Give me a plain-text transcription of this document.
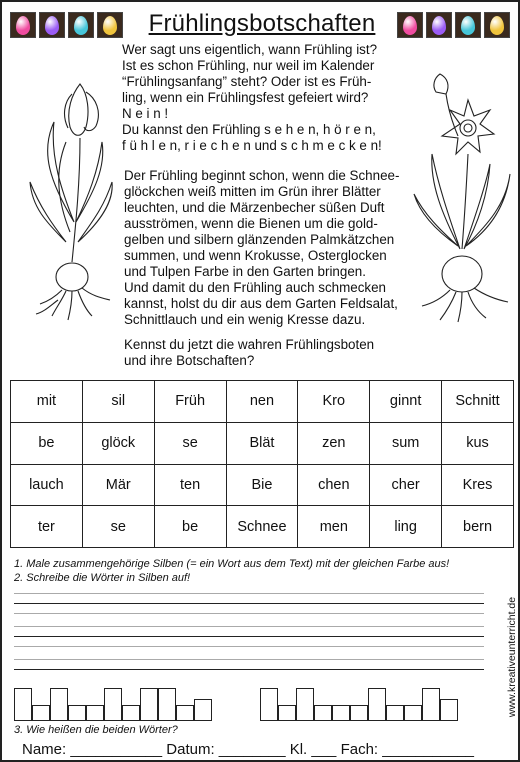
Frühlingsbotschaften
Wer sagt uns eigentlich, wann Frühling ist?
Ist es schon Frühling, nur weil im Kalender
“Frühlingsanfang” steht? Oder ist es Früh-
ling, wenn ein Frühlingsfest gefeiert wird?
N e i n !
Du kannst den Frühling s e h e n, h ö r e n,
f ü h l e n, r i e c h e n und s c h m e c k e n!
Der Frühling beginnt schon, wenn die Schnee-
glöckchen weiß mitten im Grün ihrer Blätter
leuchten, und die Märzenbecher süßen Duft
ausströmen, wenn die Bienen um die gold-
gelben und silbern glänzenden Palmkätzchen
summen, und wenn Krokusse, Osterglocken
und Tulpen Farbe in den Garten bringen.
Und damit du den Frühling auch schmecken
kannst, holst du dir aus dem Garten Feldsalat,
Schnittlauch und ein wenig Kresse dazu.
Kennst du jetzt die wahren Frühlingsboten
und ihre Botschaften?
mit	sil	Früh	nen	Kro	ginnt	Schnitt
be	glöck	se	Blät	zen	sum	kus
lauch	Mär	ten	Bie	chen	cher	Kres
ter	se	be	Schnee	men	ling	bern
1. Male zusammengehörige Silben (= ein Wort aus dem Text) mit der gleichen Farbe aus!
2. Schreibe die Wörter in Silben auf!
3. Wie heißen die beiden Wörter?
Name: ___________ Datum: ________ Kl. ___ Fach: ___________
www.kreativeunterricht.de
